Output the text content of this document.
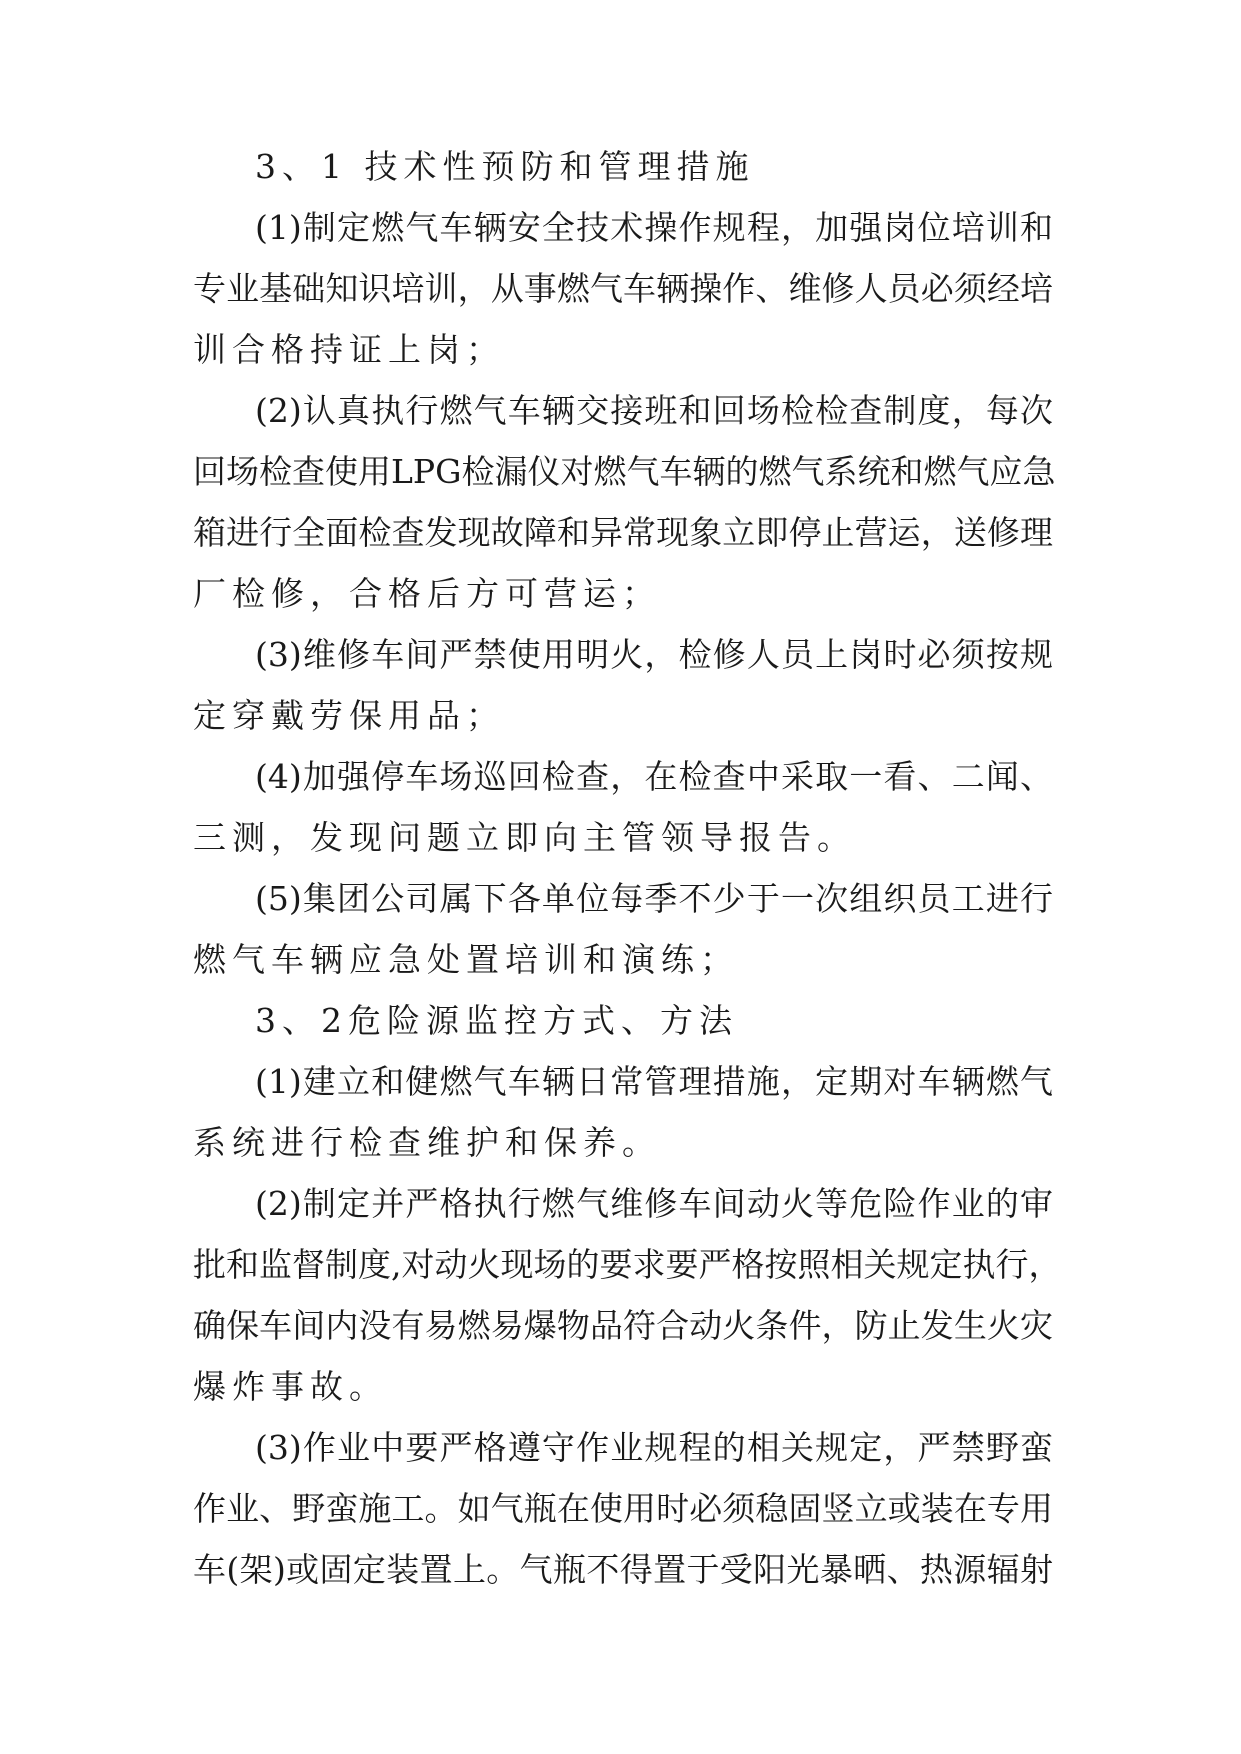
3、1 技术性预防和管理措施
(1)制定燃气车辆安全技术操作规程，加强岗位培训和
专业基础知识培训，从事燃气车辆操作、维修人员必须经培
训合格持证上岗；
(2)认真执行燃气车辆交接班和回场检检查制度，每次
回场检查使用LPG检漏仪对燃气车辆的燃气系统和燃气应急
箱进行全面检查发现故障和异常现象立即停止营运，送修理
厂检修，合格后方可营运；
(3)维修车间严禁使用明火，检修人员上岗时必须按规
定穿戴劳保用品；
(4)加强停车场巡回检查，在检查中采取一看、二闻、
三测，发现问题立即向主管领导报告。
(5)集团公司属下各单位每季不少于一次组织员工进行
燃气车辆应急处置培训和演练；
3、2危险源监控方式、方法
(1)建立和健燃气车辆日常管理措施，定期对车辆燃气
系统进行检查维护和保养。
(2)制定并严格执行燃气维修车间动火等危险作业的审
批和监督制度,对动火现场的要求要严格按照相关规定执行，
确保车间内没有易燃易爆物品符合动火条件，防止发生火灾
爆炸事故。
(3)作业中要严格遵守作业规程的相关规定，严禁野蛮
作业、野蛮施工。如气瓶在使用时必须稳固竖立或装在专用
车(架)或固定装置上。气瓶不得置于受阳光暴晒、热源辐射
